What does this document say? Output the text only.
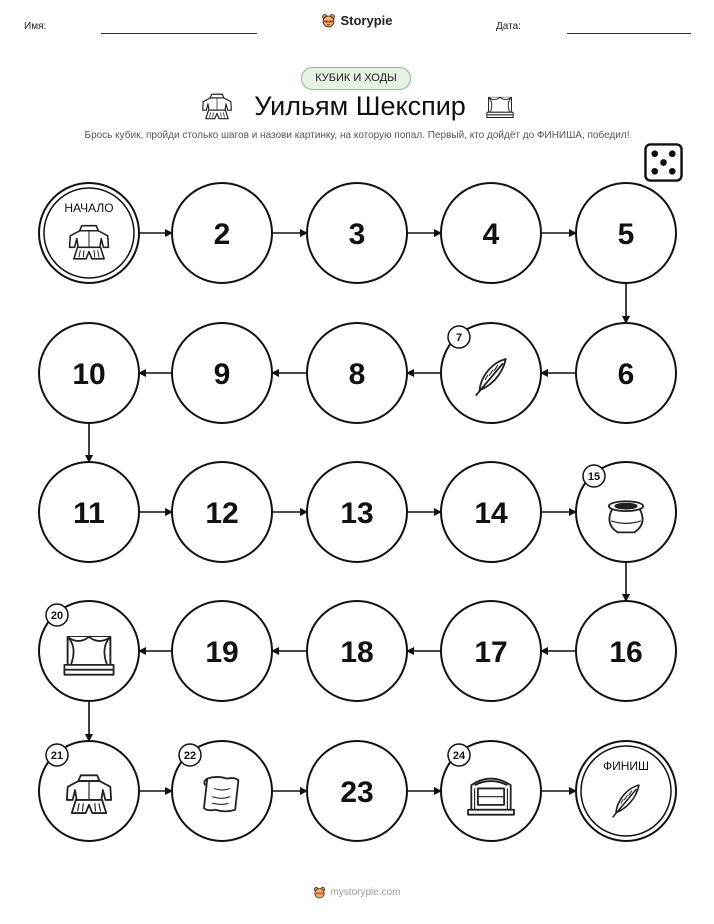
Имя:	Storypie	Дата:
КУБИК И ХОДЫ
Уильям Шекспир
Брось кубик, пройди столько шагов и назови картинку, на которую попал. Первый, кто дойдёт до ФИНИША, победил!
НАЧАЛО
2	3	4	5
6
7
8
9
10
11	12	13	14
15
16
17
18
19
20
21	22
23
24
ФИНИШ
mystorypie.com
